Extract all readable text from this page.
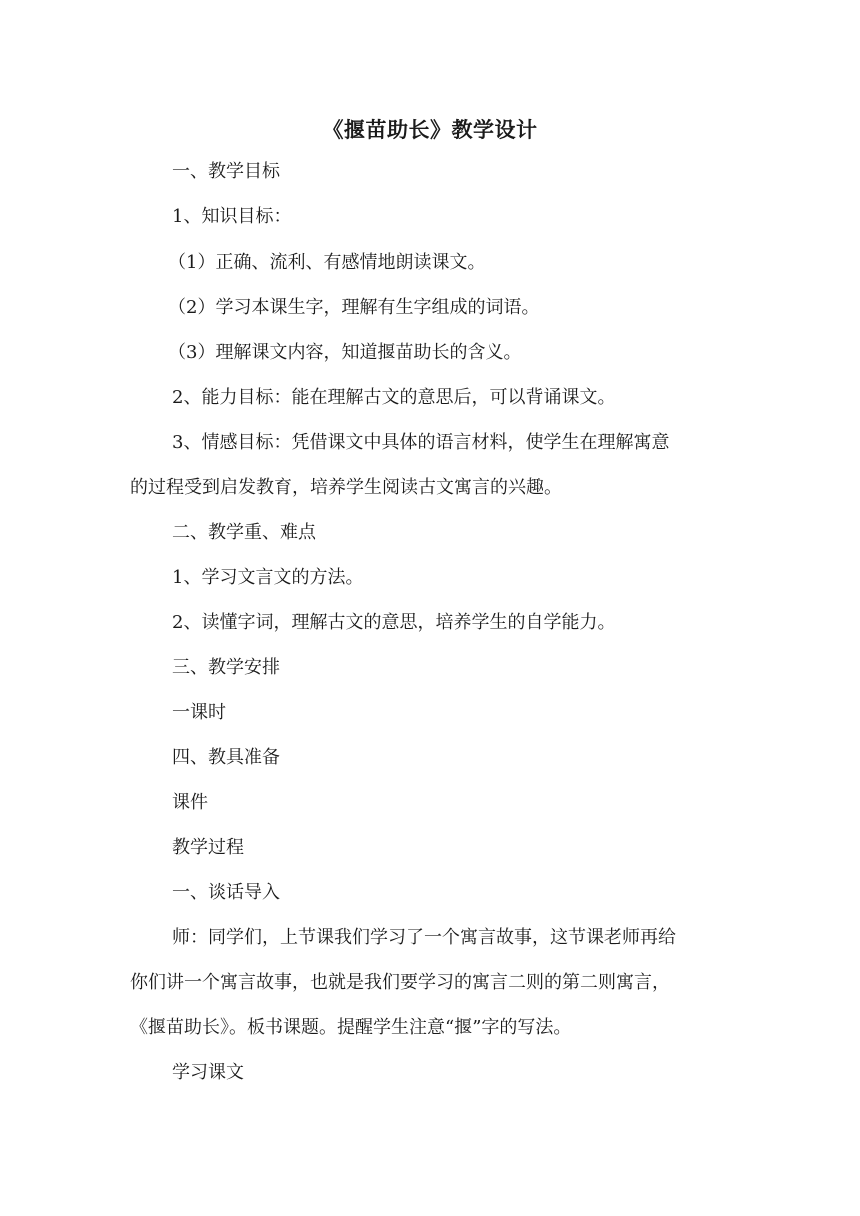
《揠苗助长》教学设计
一、教学目标
1、知识目标：
（1）正确、流利、有感情地朗读课文。
（2）学习本课生字，理解有生字组成的词语。
（3）理解课文内容，知道揠苗助长的含义。
2、能力目标：能在理解古文的意思后，可以背诵课文。
3、情感目标：凭借课文中具体的语言材料，使学生在理解寓意
的过程受到启发教育，培养学生阅读古文寓言的兴趣。
二、教学重、难点
1、学习文言文的方法。
2、读懂字词，理解古文的意思，培养学生的自学能力。
三、教学安排
一课时
四、教具准备
课件
教学过程
一、谈话导入
师：同学们，上节课我们学习了一个寓言故事，这节课老师再给
你们讲一个寓言故事，也就是我们要学习的寓言二则的第二则寓言，
《揠苗助长》。板书课题。提醒学生注意“揠”字的写法。
学习课文
